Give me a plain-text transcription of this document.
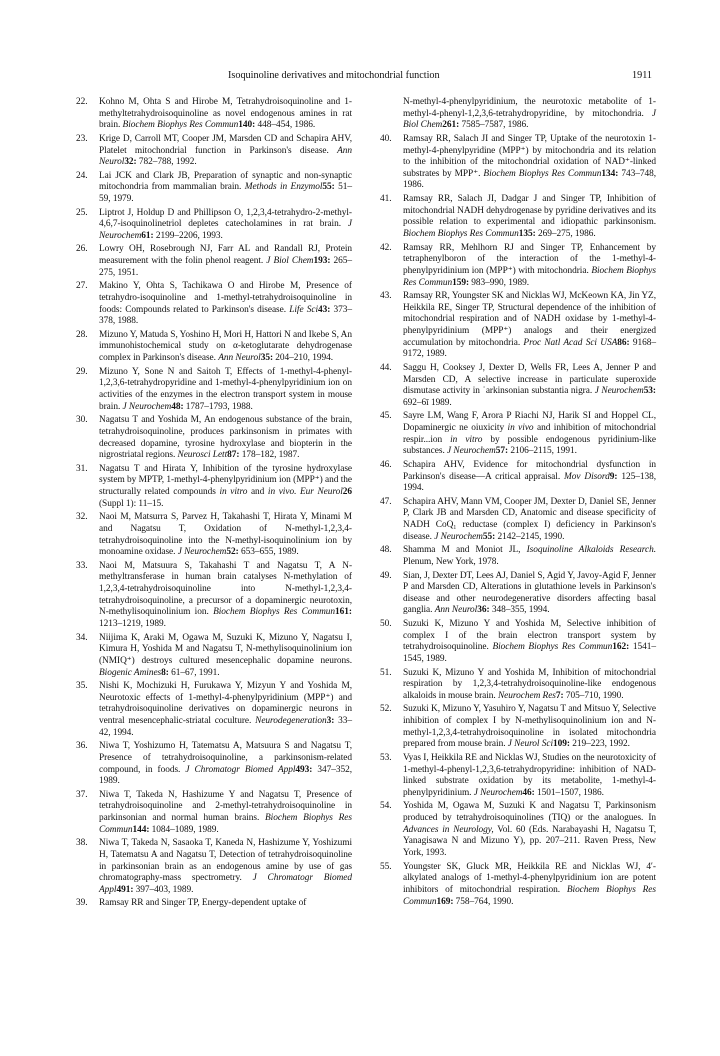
Isoquinoline derivatives and mitochondrial function	1911
22. Kohno M, Ohta S and Hirobe M, Tetrahydroisoquinoline and 1-methyltetrahydroisoquinoline as novel endogenous amines in rat brain. Biochem Biophys Res Commun140: 448–454, 1986.
23. Krige D, Carroll MT, Cooper JM, Marsden CD and Schapira AHV, Platelet mitochondrial function in Parkinson's disease. Ann Neurol32: 782–788, 1992.
24. Lai JCK and Clark JB, Preparation of synaptic and non-synaptic mitochondria from mammalian brain. Methods in Enzymol55: 51–59, 1979.
25. Liptrot J, Holdup D and Phillipson O, 1,2,3,4-tetrahydro-2-methyl-4,6,7-isoquinolinetriol depletes catecholamines in rat brain. J Neurochem61: 2199–2206, 1993.
26. Lowry OH, Rosebrough NJ, Farr AL and Randall RJ, Protein measurement with the folin phenol reagent. J Biol Chem193: 265–275, 1951.
27. Makino Y, Ohta S, Tachikawa O and Hirobe M, Presence of tetrahydro-isoquinoline and 1-methyl-tetrahydroisoquinoline in foods: Compounds related to Parkinson's disease. Life Sci43: 373–378, 1988.
28. Mizuno Y, Matuda S, Yoshino H, Mori H, Hattori N and Ikebe S, An immunohistochemical study on α-ketoglutarate dehydrogenase complex in Parkinson's disease. Ann Neurol35: 204–210, 1994.
29. Mizuno Y, Sone N and Saitoh T, Effects of 1-methyl-4-phenyl-1,2,3,6-tetrahydropyridine and 1-methyl-4-phenylpyridinium ion on activities of the enzymes in the electron transport system in mouse brain. J Neurochem48: 1787–1793, 1988.
30. Nagatsu T and Yoshida M, An endogenous substance of the brain, tetrahydroisoquinoline, produces parkinsonism in primates with decreased dopamine, tyrosine hydroxylase and biopterin in the nigrostriatal regions. Neurosci Lett87: 178–182, 1987.
31. Nagatsu T and Hirata Y, Inhibition of the tyrosine hydroxylase system by MPTP, 1-methyl-4-phenylpyridinium ion (MPP⁺) and the structurally related compounds in vitro and in vivo. Eur Neurol26 (Suppl 1): 11–15.
32. Naoi M, Matsurra S, Parvez H, Takahashi T, Hirata Y, Minami M and Nagatsu T, Oxidation of N-methyl-1,2,3,4-tetrahydroisoquinoline into the N-methyl-isoquinolinium ion by monoamine oxidase. J Neurochem52: 653–655, 1989.
33. Naoi M, Matsuura S, Takahashi T and Nagatsu T, A N-methyltransferase in human brain catalyses N-methylation of 1,2,3,4-tetrahydroisoquinoline into N-methyl-1,2,3,4-tetrahydroisoquinoline, a precursor of a dopaminergic neurotoxin, N-methylisoquinolinium ion. Biochem Biophys Res Commun161: 1213–1219, 1989.
34. Niijima K, Araki M, Ogawa M, Suzuki K, Mizuno Y, Nagatsu I, Kimura H, Yoshida M and Nagatsu T, N-methylisoquinolinium ion (NMIQ⁺) destroys cultured mesencephalic dopamine neurons. Biogenic Amines8: 61–67, 1991.
35. Nishi K, Mochizuki H, Furukawa Y, Mizyun Y and Yoshida M, Neurotoxic effects of 1-methyl-4-phenylpyridinium (MPP⁺) and tetrahydroisoquinoline derivatives on dopaminergic neurons in ventral mesencephalic-striatal coculture. Neurodegeneration3: 33–42, 1994.
36. Niwa T, Yoshizumo H, Tatematsu A, Matsuura S and Nagatsu T, Presence of tetrahydroisoquinoline, a parkinsonism-related compound, in foods. J Chromatogr Biomed Appl493: 347–352, 1989.
37. Niwa T, Takeda N, Hashizume Y and Nagatsu T, Presence of tetrahydroisoquinoline and 2-methyl-tetrahydroisoquinoline in parkinsonian and normal human brains. Biochem Biophys Res Commun144: 1084–1089, 1989.
38. Niwa T, Takeda N, Sasaoka T, Kaneda N, Hashizume Y, Yoshizumi H, Tatematsu A and Nagatsu T, Detection of tetrahydroisoquinoline in parkinsonian brain as an endogenous amine by use of gas chromatography-mass spectrometry. J Chromatogr Biomed Appl491: 397–403, 1989.
39. Ramsay RR and Singer TP, Energy-dependent uptake of
N-methyl-4-phenylpyridinium, the neurotoxic metabolite of 1-methyl-4-phenyl-1,2,3,6-tetrahydropyridine, by mitochondria. J Biol Chem261: 7585–7587, 1986.
40. Ramsay RR, Salach JI and Singer TP, Uptake of the neurotoxin 1-methyl-4-phenylpyridine (MPP⁺) by mitochondria and its relation to the inhibition of the mitochondrial oxidation of NAD⁺-linked substrates by MPP⁺. Biochem Biophys Res Commun134: 743–748, 1986.
41. Ramsay RR, Salach JI, Dadgar J and Singer TP, Inhibition of mitochondrial NADH dehydrogenase by pyridine derivatives and its possible relation to experimental and idiopathic parkinsonism. Biochem Biophys Res Commun135: 269–275, 1986.
42. Ramsay RR, Mehlhorn RJ and Singer TP, Enhancement by tetraphenylboron of the interaction of the 1-methyl-4-phenylpyridinium ion (MPP⁺) with mitochondria. Biochem Biophys Res Commun159: 983–990, 1989.
43. Ramsay RR, Youngster SK and Nicklas WJ, McKeown KA, Jin YZ, Heikkila RE, Singer TP, Structural dependence of the inhibition of mitochondrial respiration and of NADH oxidase by 1-methyl-4-phenylpyridinium (MPP⁺) analogs and their energized accumulation by mitochondria. Proc Natl Acad Sci USA86: 9168–9172, 1989.
44. Saggu H, Cooksey J, Dexter D, Wells FR, Lees A, Jenner P and Marsden CD, A selective increase in particulate superoxide dismutase activity in ˙arkinsonian substantia nigra. J Neurochem53: 692–6ī 1989.
45. Sayre LM, Wang F, Arora P Riachi NJ, Harik SI and Hoppel CL, Dopaminergic ne oiuxicity in vivo and inhibition of mitochondrial respir...ion in vitro by possible endogenous pyridinium-like substances. J Neurochem57: 2106–2115, 1991.
46. Schapira AHV, Evidence for mitochondrial dysfunction in Parkinson's disease—A critical appraisal. Mov Disord9: 125–138, 1994.
47. Schapira AHV, Mann VM, Cooper JM, Dexter D, Daniel SE, Jenner P, Clark JB and Marsden CD, Anatomic and disease specificity of NADH CoQ₁ reductase (complex I) deficiency in Parkinson's disease. J Neurochem55: 2142–2145, 1990.
48. Shamma M and Moniot JL, Isoquinoline Alkaloids Research. Plenum, New York, 1978.
49. Sian, J, Dexter DT, Lees AJ, Daniel S, Agid Y, Javoy-Agid F, Jenner P and Marsden CD, Alterations in glutathione levels in Parkinson's disease and other neurodegenerative disorders affecting basal ganglia. Ann Neurol36: 348–355, 1994.
50. Suzuki K, Mizuno Y and Yoshida M, Selective inhibition of complex I of the brain electron transport system by tetrahydroisoquinoline. Biochem Biophys Res Commun162: 1541–1545, 1989.
51. Suzuki K, Mizuno Y and Yoshida M, Inhibition of mitochondrial respiration by 1,2,3,4-tetrahydroisoquinoline-like endogenous alkaloids in mouse brain. Neurochem Res7: 705–710, 1990.
52. Suzuki K, Mizuno Y, Yasuhiro Y, Nagatsu T and Mitsuo Y, Selective inhibition of complex I by N-methylisoquinolinium ion and N-methyl-1,2,3,4-tetrahydroisoquinoline in isolated mitochondria prepared from mouse brain. J Neurol Sci109: 219–223, 1992.
53. Vyas I, Heikkila RE and Nicklas WJ, Studies on the neurotoxicity of 1-methyl-4-phenyl-1,2,3,6-tetrahydropyridine: inhibition of NAD-linked substrate oxidation by its metabolite, 1-methyl-4-phenylpyridinium. J Neurochem46: 1501–1507, 1986.
54. Yoshida M, Ogawa M, Suzuki K and Nagatsu T, Parkinsonism produced by tetrahydroisoquinolines (TIQ) or the analogues. In Advances in Neurology, Vol. 60 (Eds. Narabayashi H, Nagatsu T, Yanagisawa N and Mizuno Y), pp. 207–211. Raven Press, New York, 1993.
55. Youngster SK, Gluck MR, Heikkila RE and Nicklas WJ, 4′-alkylated analogs of 1-methyl-4-phenylpyridinium ion are potent inhibitors of mitochondrial respiration. Biochem Biophys Res Commun169: 758–764, 1990.
